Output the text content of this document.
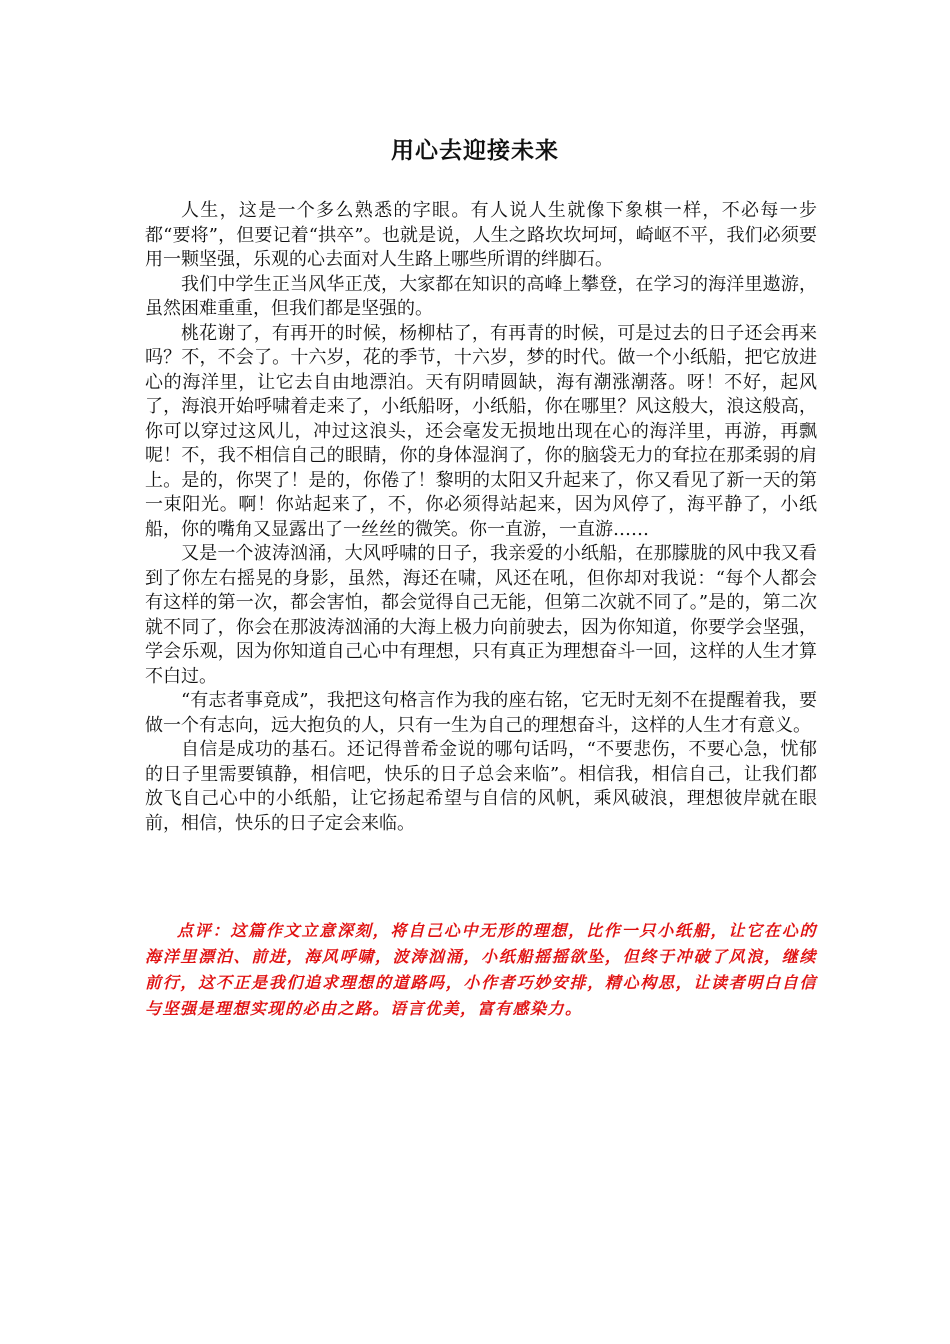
用心去迎接未来

人生，这是一个多么熟悉的字眼。有人说人生就像下象棋一样，不必每一步都“要将”，但要记着“拱卒”。也就是说，人生之路坎坎坷坷，崎岖不平，我们必须要用一颗坚强，乐观的心去面对人生路上哪些所谓的绊脚石。

我们中学生正当风华正茂，大家都在知识的高峰上攀登，在学习的海洋里遨游，虽然困难重重，但我们都是坚强的。

桃花谢了，有再开的时候，杨柳枯了，有再青的时候，可是过去的日子还会再来吗？不，不会了。十六岁，花的季节，十六岁，梦的时代。做一个小纸船，把它放进心的海洋里，让它去自由地漂泊。天有阴晴圆缺，海有潮涨潮落。呀！不好，起风了，海浪开始呼啸着走来了，小纸船呀，小纸船，你在哪里？风这般大，浪这般高，你可以穿过这风儿，冲过这浪头，还会毫发无损地出现在心的海洋里，再游，再飘呢！不，我不相信自己的眼睛，你的身体湿润了，你的脑袋无力的耷拉在那柔弱的肩上。是的，你哭了！是的，你倦了！黎明的太阳又升起来了，你又看见了新一天的第一束阳光。啊！你站起来了，不，你必须得站起来，因为风停了，海平静了，小纸船，你的嘴角又显露出了一丝丝的微笑。你一直游，一直游……

又是一个波涛汹涌，大风呼啸的日子，我亲爱的小纸船，在那朦胧的风中我又看到了你左右摇晃的身影，虽然，海还在啸，风还在吼，但你却对我说：“每个人都会有这样的第一次，都会害怕，都会觉得自己无能，但第二次就不同了。”是的，第二次就不同了，你会在那波涛汹涌的大海上极力向前驶去，因为你知道，你要学会坚强，学会乐观，因为你知道自己心中有理想，只有真正为理想奋斗一回，这样的人生才算不白过。

“有志者事竟成”，我把这句格言作为我的座右铭，它无时无刻不在提醒着我，要做一个有志向，远大抱负的人，只有一生为自己的理想奋斗，这样的人生才有意义。

自信是成功的基石。还记得普希金说的哪句话吗，“不要悲伤，不要心急，忧郁的日子里需要镇静，相信吧，快乐的日子总会来临”。相信我，相信自己，让我们都放飞自己心中的小纸船，让它扬起希望与自信的风帆，乘风破浪，理想彼岸就在眼前，相信，快乐的日子定会来临。

点评：这篇作文立意深刻，将自己心中无形的理想，比作一只小纸船，让它在心的海洋里漂泊、前进，海风呼啸，波涛汹涌，小纸船摇摇欲坠，但终于冲破了风浪，继续前行，这不正是我们追求理想的道路吗，小作者巧妙安排，精心构思，让读者明白自信与坚强是理想实现的必由之路。语言优美，富有感染力。
